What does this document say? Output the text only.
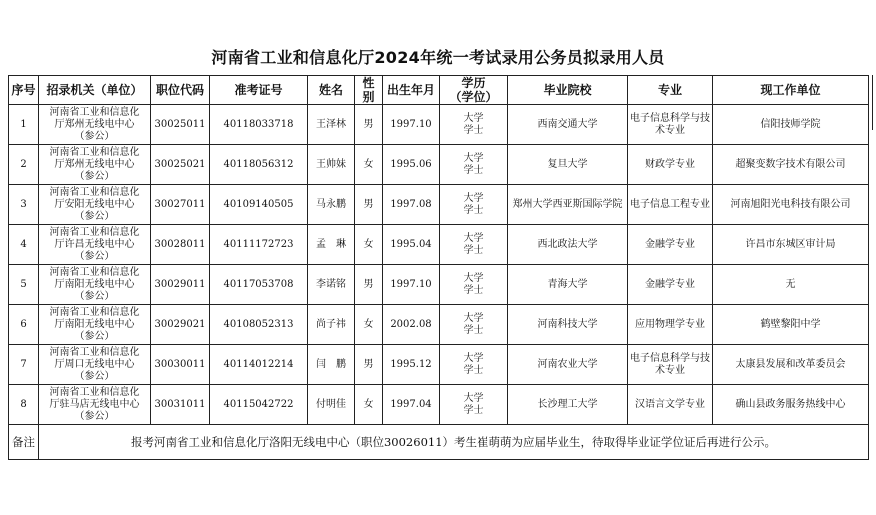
河南省工业和信息化厅2024年统一考试录用公务员拟录用人员
序号	招录机关（单位）	职位代码	准考证号	姓名	性别	出生年月	学历
（学位）	毕业院校	专业	现工作单位
1	河南省工业和信息化
厅郑州无线电中心
（参公）	30025011	40118033718	王泽林	男	1997.10	大学
学士	西南交通大学	电子信息科学与技术专业	信阳技师学院
2	河南省工业和信息化
厅郑州无线电中心
（参公）	30025021	40118056312	王帅妹	女	1995.06	大学
学士	复旦大学	财政学专业	超聚变数字技术有限公司
3	河南省工业和信息化
厅安阳无线电中心
（参公）	30027011	40109140505	马永鹏	男	1997.08	大学
学士	郑州大学西亚斯国际学院	电子信息工程专业	河南旭阳光电科技有限公司
4	河南省工业和信息化
厅许昌无线电中心
（参公）	30028011	40111172723	孟　琳	女	1995.04	大学
学士	西北政法大学	金融学专业	许昌市东城区审计局
5	河南省工业和信息化
厅南阳无线电中心
（参公）	30029011	40117053708	李诺铭	男	1997.10	大学
学士	青海大学	金融学专业	无
6	河南省工业和信息化
厅南阳无线电中心
（参公）	30029021	40108052313	尚子祎	女	2002.08	大学
学士	河南科技大学	应用物理学专业	鹤壁黎阳中学
7	河南省工业和信息化
厅周口无线电中心
（参公）	30030011	40114012214	闫　鹏	男	1995.12	大学
学士	河南农业大学	电子信息科学与技术专业	太康县发展和改革委员会
8	河南省工业和信息化
厅驻马店无线电中心
（参公）	30031011	40115042722	付明佳	女	1997.04	大学
学士	长沙理工大学	汉语言文学专业	确山县政务服务热线中心
备注	报考河南省工业和信息化厅洛阳无线电中心（职位30026011）考生崔萌萌为应届毕业生，待取得毕业证学位证后再进行公示。									
